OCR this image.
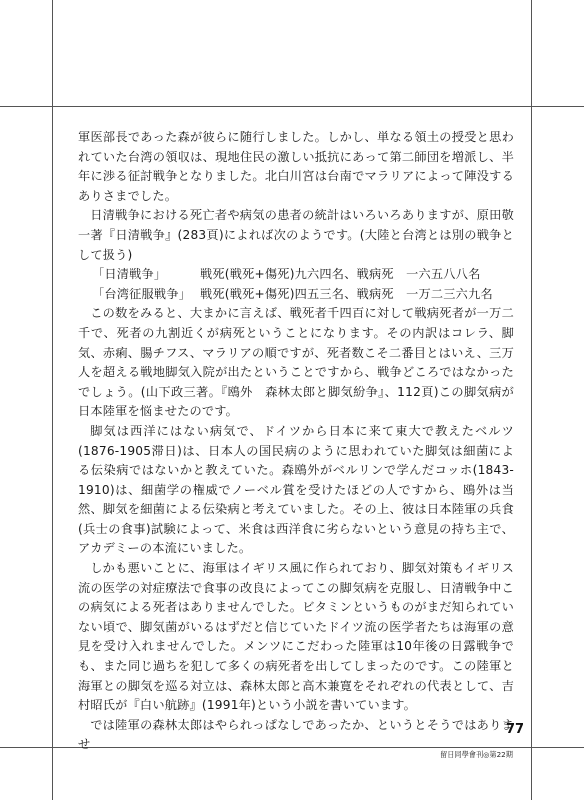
軍医部長であった森が彼らに随行しました。しかし、単なる領土の授受と思われていた台湾の領収は、現地住民の激しい抵抗にあって第二師団を増派し、半年に渉る征討戦争となりました。北白川宮は台南でマラリアによって陣没するありさまでした。

日清戦争における死亡者や病気の患者の統計はいろいろありますが、原田敬一著『日清戦争』(283頁)によれば次のようです。(大陸と台湾とは別の戦争として扱う)

「日清戦争」	戦死(戦死+傷死)九六四名、戦病死　一六五八八名
「台湾征服戦争」 戦死(戦死+傷死)四五三名、戦病死　一万二三六九名

この数をみると、大まかに言えば、戦死者千四百に対して戦病死者が一万二千で、死者の九割近くが病死ということになります。その内訳はコレラ、脚気、赤痢、腸チフス、マラリアの順ですが、死者数こそ二番目とはいえ、三万人を超える戦地脚気入院が出たということですから、戦争どころではなかったでしょう。(山下政三著。『鴎外　森林太郎と脚気紛争』、112頁)この脚気病が日本陸軍を悩ませたのです。

脚気は西洋にはない病気で、ドイツから日本に来て東大で教えたベルツ(1876-1905滞日)は、日本人の国民病のように思われていた脚気は細菌による伝染病ではないかと教えていた。森鴎外がベルリンで学んだコッホ(1843-1910)は、細菌学の権威でノーベル賞を受けたほどの人ですから、鴎外は当然、脚気を細菌による伝染病と考えていました。その上、彼は日本陸軍の兵食(兵士の食事)試験によって、米食は西洋食に劣らないという意見の持ち主で、アカデミーの本流にいました。

しかも悪いことに、海軍はイギリス風に作られており、脚気対策もイギリス流の医学の対症療法で食事の改良によってこの脚気病を克服し、日清戦争中この病気による死者はありませんでした。ビタミンというものがまだ知られていない頃で、脚気菌がいるはずだと信じていたドイツ流の医学者たちは海軍の意見を受け入れませんでした。メンツにこだわった陸軍は10年後の日露戦争でも、また同じ過ちを犯して多くの病死者を出してしまったのです。この陸軍と海軍との脚気を巡る対立は、森林太郎と高木兼寛をそれぞれの代表として、吉村昭氏が『白い航跡』(1991年)という小説を書いています。

では陸軍の森林太郎はやられっぱなしであったか、というとそうではありませ

77
留日同學會刊◎第22期
